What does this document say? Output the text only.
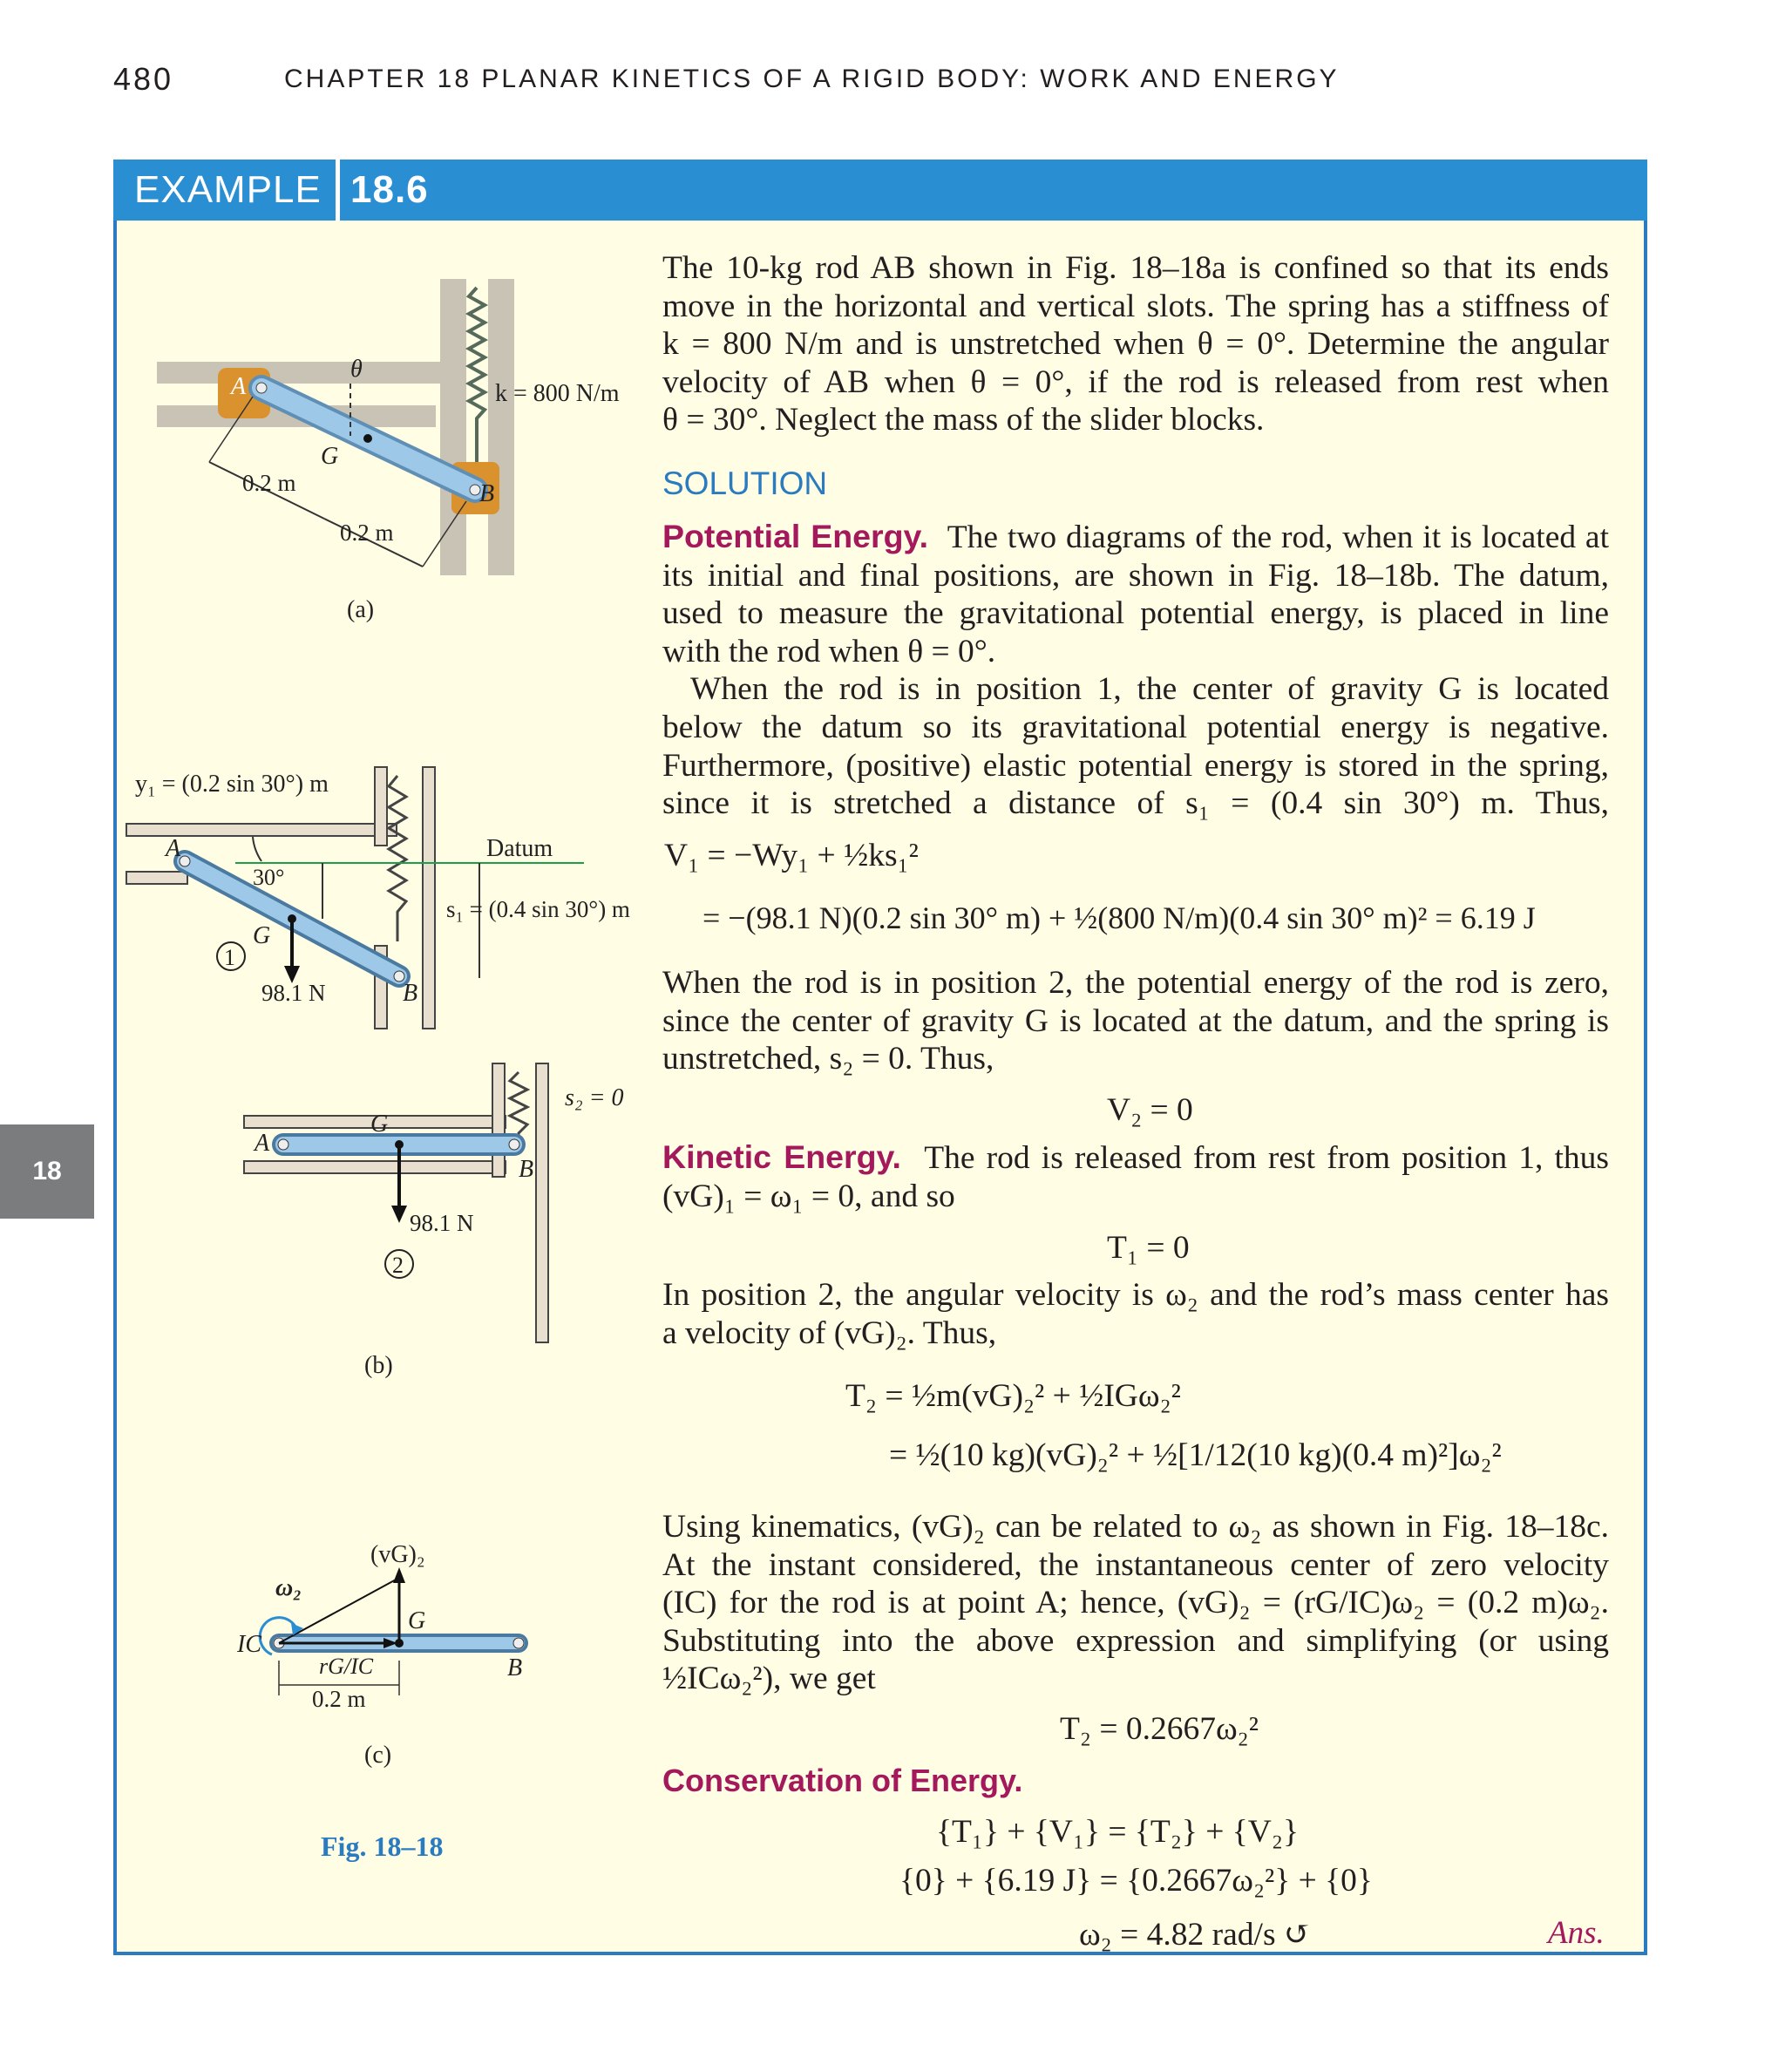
480	CHAPTER 18 PLANAR KINETICS OF A RIGID BODY: WORK AND ENERGY
18
EXAMPLE 18.6
The 10-kg rod AB shown in Fig. 18–18a is confined so that its ends
move in the horizontal and vertical slots. The spring has a stiffness of
k = 800 N/m and is unstretched when θ = 0°. Determine the angular
velocity of AB when θ = 0°, if the rod is released from rest when
θ = 30°. Neglect the mass of the slider blocks.
SOLUTION
Potential Energy. The two diagrams of the rod, when it is located at
its initial and final positions, are shown in Fig. 18–18b. The datum,
used to measure the gravitational potential energy, is placed in line
with the rod when θ = 0°.
When the rod is in position 1, the center of gravity G is located
below the datum so its gravitational potential energy is negative.
Furthermore, (positive) elastic potential energy is stored in the spring,
since it is stretched a distance of s₁ = (0.4 sin 30°) m. Thus,
V₁ = −Wy₁ + ½ks₁²
= −(98.1 N)(0.2 sin 30° m) + ½(800 N/m)(0.4 sin 30° m)² = 6.19 J
When the rod is in position 2, the potential energy of the rod is zero,
since the center of gravity G is located at the datum, and the spring is
unstretched, s₂ = 0. Thus,
V₂ = 0
Kinetic Energy. The rod is released from rest from position 1, thus
(vG)₁ = ω₁ = 0, and so
T₁ = 0
In position 2, the angular velocity is ω₂ and the rod’s mass center has
a velocity of (vG)₂. Thus,
T₂ = ½m(vG)₂² + ½IGω₂²
= ½(10 kg)(vG)₂² + ½[1/12(10 kg)(0.4 m)²]ω₂²
Using kinematics, (vG)₂ can be related to ω₂ as shown in Fig. 18–18c.
At the instant considered, the instantaneous center of zero velocity
(IC) for the rod is at point A; hence, (vG)₂ = (rG/IC)ω₂ = (0.2 m)ω₂.
Substituting into the above expression and simplifying (or using
½ICω₂²), we get
T₂ = 0.2667ω₂²
Conservation of Energy.
{T₁} + {V₁} = {T₂} + {V₂}
{0} + {6.19 J} = {0.2667ω₂²} + {0}
ω₂ = 4.82 rad/s ↺	Ans.
A
θ
G
B
k = 800 N/m
0.2 m
0.2 m
(a)
y₁ = (0.2 sin 30°) m
Datum
30°
s₁ = (0.4 sin 30°) m
A
G
B
98.1 N
1
s₂ = 0
A
G
B
98.1 N
2
(b)
(vG)₂
ω₂
IC
G
B
rG/IC
0.2 m
(c)
Fig. 18–18
